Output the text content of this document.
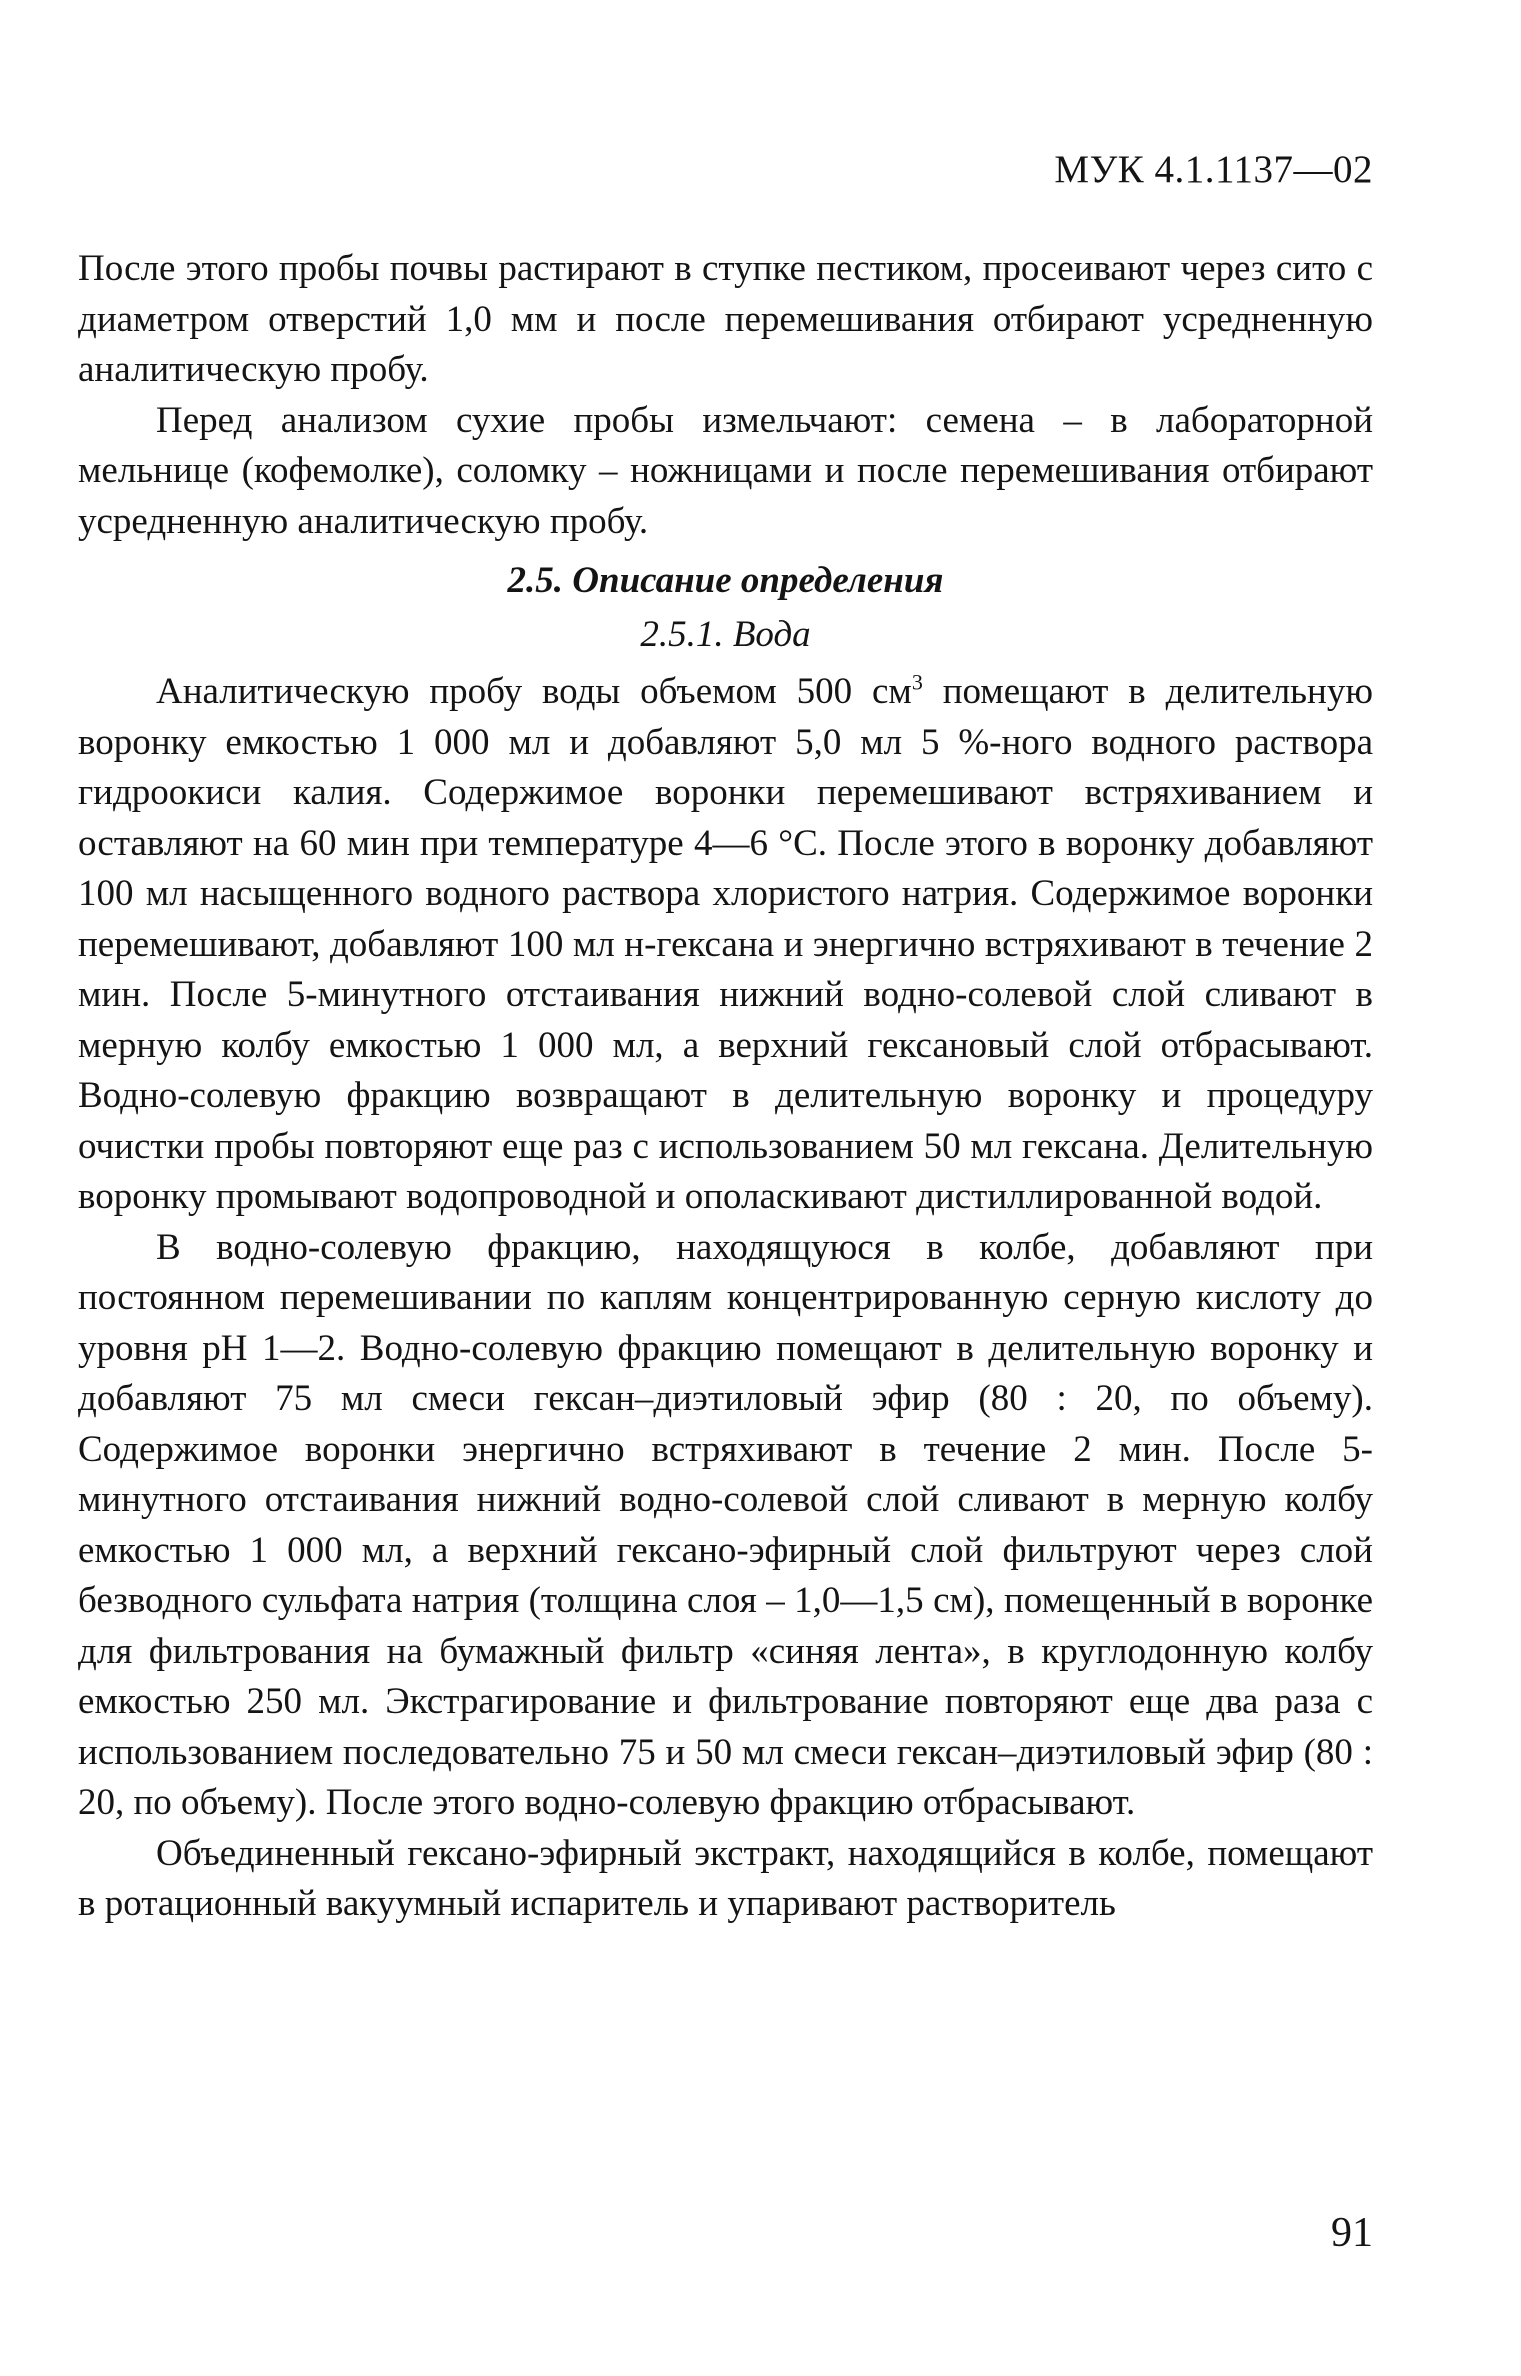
МУК 4.1.1137—02

После этого пробы почвы растирают в ступке пестиком, просеивают через сито с диаметром отверстий 1,0 мм и после перемешивания отбирают усредненную аналитическую пробу.

Перед анализом сухие пробы измельчают: семена – в лабораторной мельнице (кофемолке), соломку – ножницами и после перемешивания отбирают усредненную аналитическую пробу.

2.5. Описание определения

2.5.1. Вода

Аналитическую пробу воды объемом 500 $см^3$ помещают в делительную воронку емкостью 1 000 мл и добавляют 5,0 мл 5 %-ного водного раствора гидроокиси калия. Содержимое воронки перемешивают встряхиванием и оставляют на 60 мин при температуре 4—6 °С. После этого в воронку добавляют 100 мл насыщенного водного раствора хлористого натрия. Содержимое воронки перемешивают, добавляют 100 мл н-гексана и энергично встряхивают в течение 2 мин. После 5-минутного отстаивания нижний водно-солевой слой сливают в мерную колбу емкостью 1 000 мл, а верхний гексановый слой отбрасывают. Водно-солевую фракцию возвращают в делительную воронку и процедуру очистки пробы повторяют еще раз с использованием 50 мл гексана. Делительную воронку промывают водопроводной и ополаскивают дистиллированной водой.

В водно-солевую фракцию, находящуюся в колбе, добавляют при постоянном перемешивании по каплям концентрированную серную кислоту до уровня рН 1—2. Водно-солевую фракцию помещают в делительную воронку и добавляют 75 мл смеси гексан–диэтиловый эфир (80 : 20, по объему). Содержимое воронки энергично встряхивают в течение 2 мин. После 5-минутного отстаивания нижний водно-солевой слой сливают в мерную колбу емкостью 1 000 мл, а верхний гексано-эфирный слой фильтруют через слой безводного сульфата натрия (толщина слоя – 1,0—1,5 см), помещенный в воронке для фильтрования на бумажный фильтр «синяя лента», в круглодонную колбу емкостью 250 мл. Экстрагирование и фильтрование повторяют еще два раза с использованием последовательно 75 и 50 мл смеси гексан–диэтиловый эфир (80 : 20, по объему). После этого водно-солевую фракцию отбрасывают.

Объединенный гексано-эфирный экстракт, находящийся в колбе, помещают в ротационный вакуумный испаритель и упаривают растворитель

91
